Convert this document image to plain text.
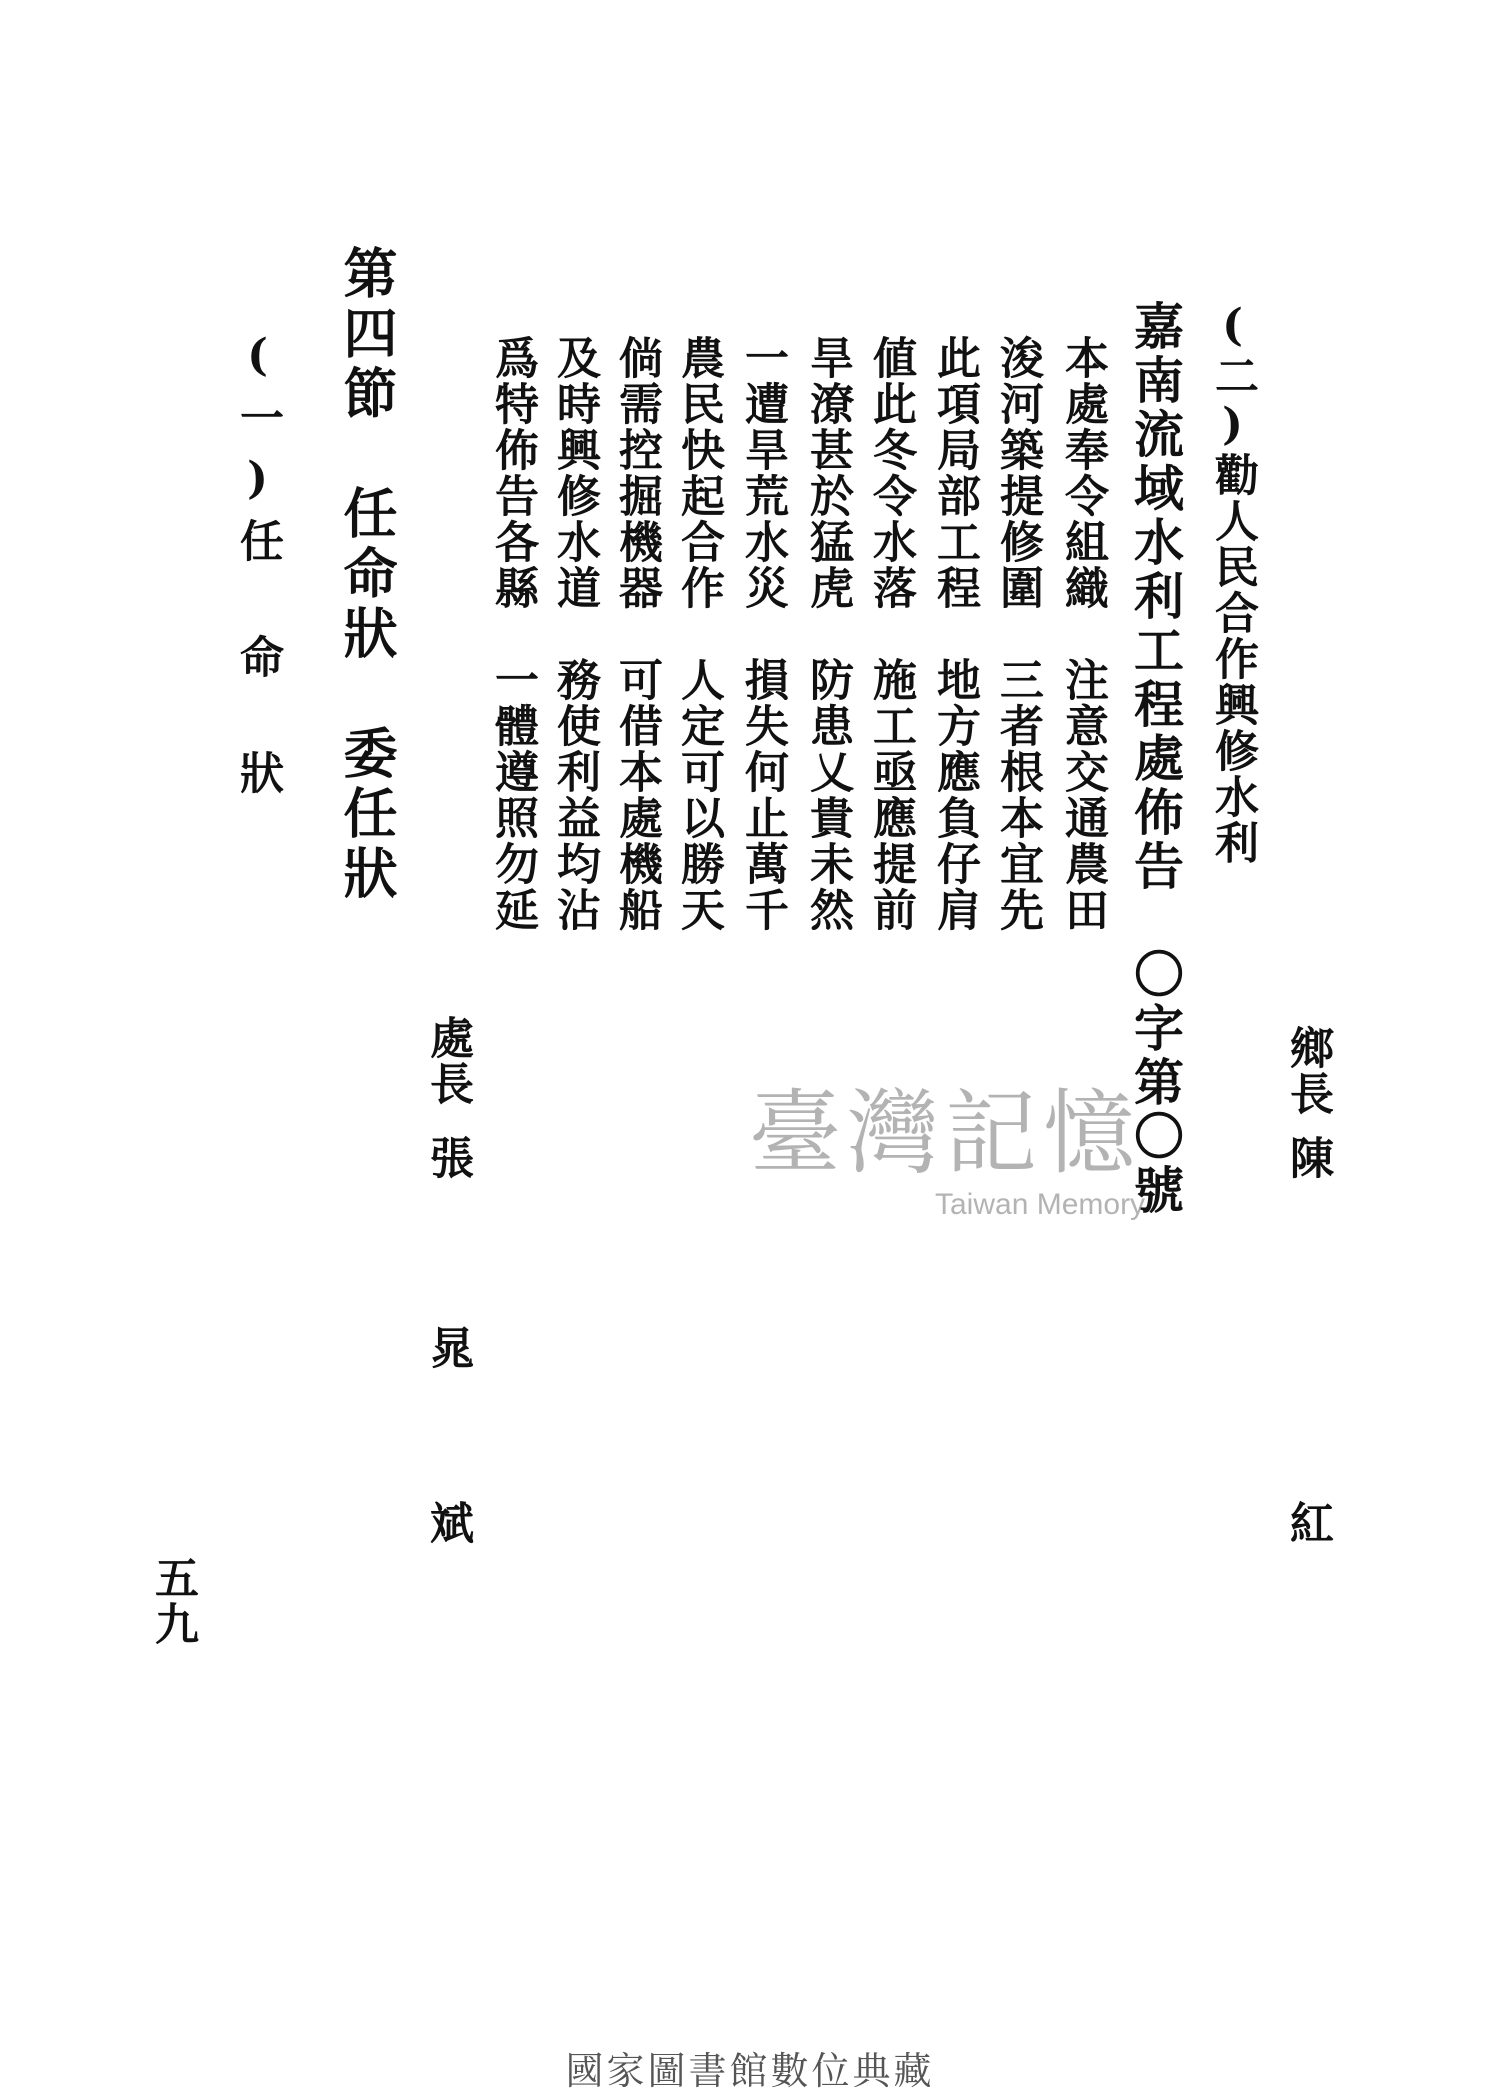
(二)勸人民合作興修水利
鄉長
陳
紅
嘉南流域水利工程處佈告　〇字第〇號
本處奉令組織　注意交通農田
浚河築提修圍　三者根本宜先
此項局部工程　地方應負仔肩
値此冬令水落　施工亟應提前
旱潦甚於猛虎　防患乂貴未然
一遭旱荒水災　損失何止萬千
農民快起合作　人定可以勝天
倘需控掘機器　可借本處機船
及時興修水道　務使利益均沾
爲特佈告各縣　一體遵照勿延
處長
張
晁
斌
第四節　任命狀　委任狀
(一)任　命　狀
五九
臺灣記憶
Taiwan Memory
國家圖書館數位典藏
